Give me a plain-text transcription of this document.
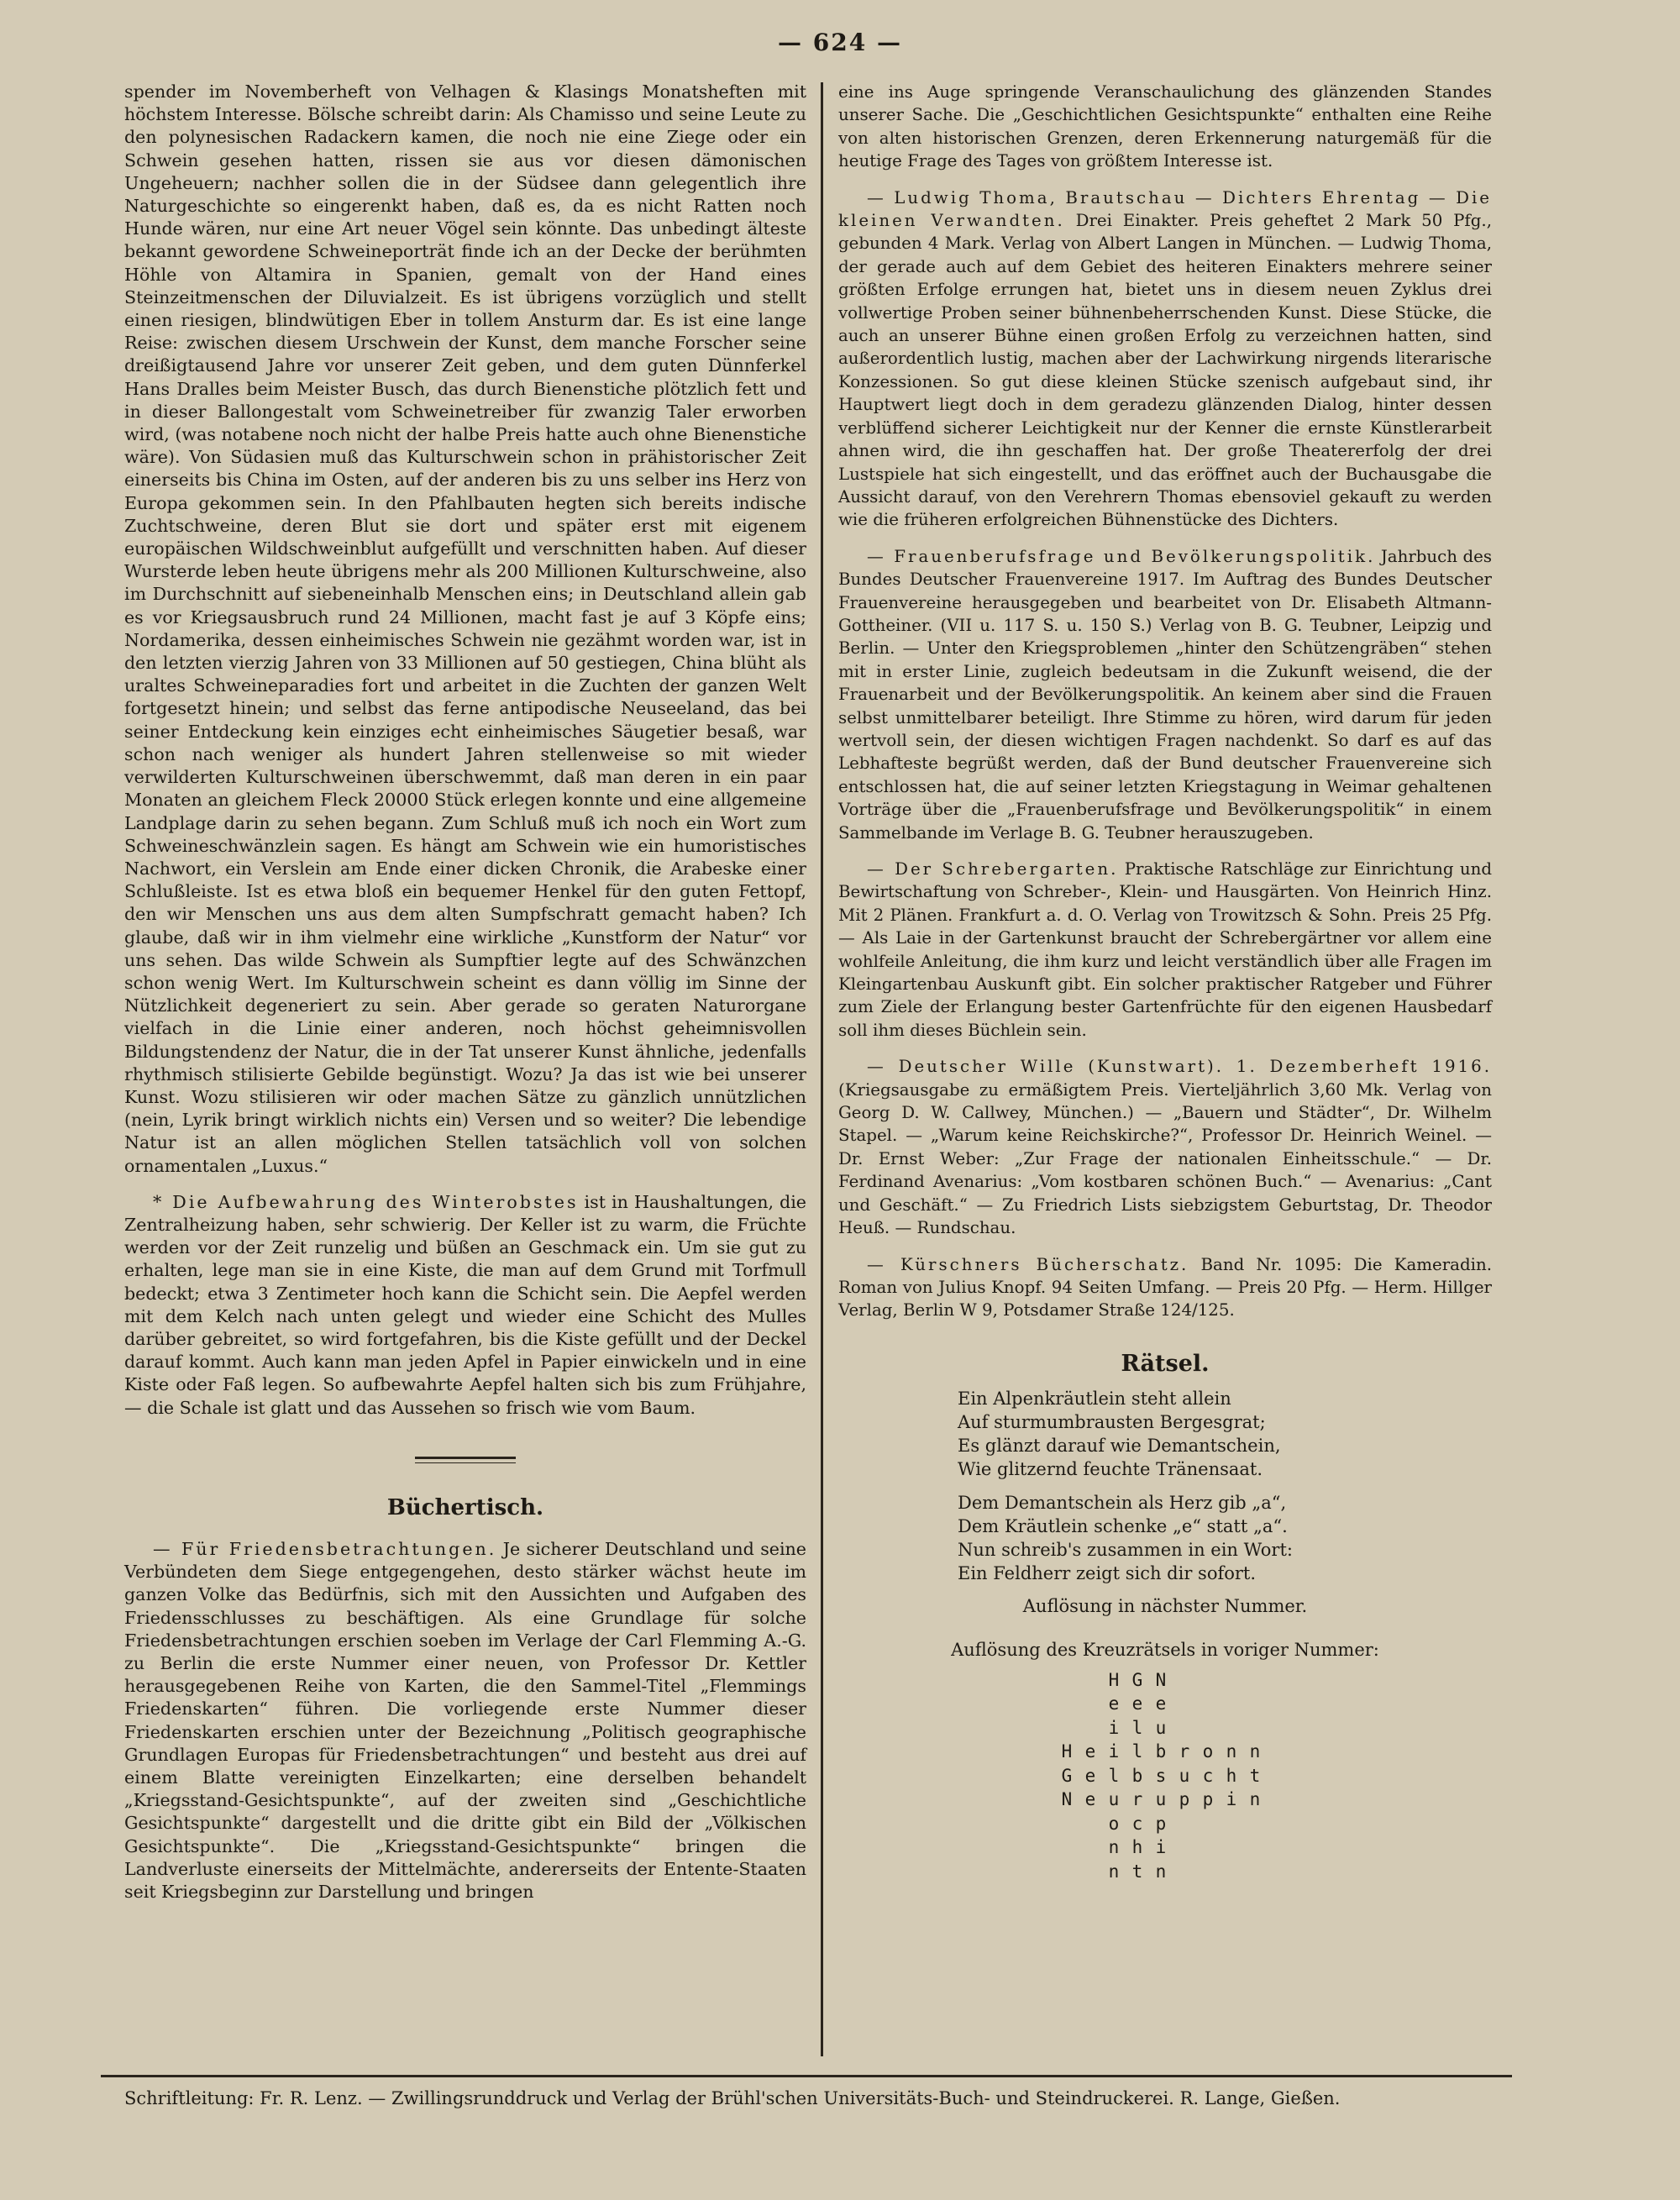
— 624 —

spender im Novemberheft von Velhagen & Klasings Monatsheften mit höchstem Interesse. Bölsche schreibt darin: Als Chamisso und seine Leute zu den polynesischen Radackern kamen, die noch nie eine Ziege oder ein Schwein gesehen hatten, rissen sie aus vor diesen dämonischen Ungeheuern; nachher sollen die in der Südsee dann gelegentlich ihre Naturgeschichte so eingerenkt haben, daß es, da es nicht Ratten noch Hunde wären, nur eine Art neuer Vögel sein könnte. Das unbedingt älteste bekannt gewordene Schweineporträt finde ich an der Decke der berühmten Höhle von Altamira in Spanien, gemalt von der Hand eines Steinzeitmenschen der Diluvialzeit. Es ist übrigens vorzüglich und stellt einen riesigen, blindwütigen Eber in tollem Ansturm dar. Es ist eine lange Reise: zwischen diesem Urschwein der Kunst, dem manche Forscher seine dreißigtausend Jahre vor unserer Zeit geben, und dem guten Dünnferkel Hans Dralles beim Meister Busch, das durch Bienenstiche plötzlich fett und in dieser Ballongestalt vom Schweinetreiber für zwanzig Taler erworben wird, (was notabene noch nicht der halbe Preis hatte auch ohne Bienenstiche wäre). Von Südasien muß das Kulturschwein schon in prähistorischer Zeit einerseits bis China im Osten, auf der anderen bis zu uns selber ins Herz von Europa gekommen sein. In den Pfahlbauten hegten sich bereits indische Zuchtschweine, deren Blut sie dort und später erst mit eigenem europäischen Wildschweinblut aufgefüllt und verschnitten haben. Auf dieser Wursterde leben heute übrigens mehr als 200 Millionen Kulturschweine, also im Durchschnitt auf siebeneinhalb Menschen eins; in Deutschland allein gab es vor Kriegsausbruch rund 24 Millionen, macht fast je auf 3 Köpfe eins; Nordamerika, dessen einheimisches Schwein nie gezähmt worden war, ist in den letzten vierzig Jahren von 33 Millionen auf 50 gestiegen, China blüht als uraltes Schweineparadies fort und arbeitet in die Zuchten der ganzen Welt fortgesetzt hinein; und selbst das ferne antipodische Neuseeland, das bei seiner Entdeckung kein einziges echt einheimisches Säugetier besaß, war schon nach weniger als hundert Jahren stellenweise so mit wieder verwilderten Kulturschweinen überschwemmt, daß man deren in ein paar Monaten an gleichem Fleck 20000 Stück erlegen konnte und eine allgemeine Landplage darin zu sehen begann. Zum Schluß muß ich noch ein Wort zum Schweineschwänzlein sagen. Es hängt am Schwein wie ein humoristisches Nachwort, ein Verslein am Ende einer dicken Chronik, die Arabeske einer Schlußleiste. Ist es etwa bloß ein bequemer Henkel für den guten Fettopf, den wir Menschen uns aus dem alten Sumpfschratt gemacht haben? Ich glaube, daß wir in ihm vielmehr eine wirkliche „Kunstform der Natur“ vor uns sehen. Das wilde Schwein als Sumpftier legte auf des Schwänzchen schon wenig Wert. Im Kulturschwein scheint es dann völlig im Sinne der Nützlichkeit degeneriert zu sein. Aber gerade so geraten Naturorgane vielfach in die Linie einer anderen, noch höchst geheimnisvollen Bildungstendenz der Natur, die in der Tat unserer Kunst ähnliche, jedenfalls rhythmisch stilisierte Gebilde begünstigt. Wozu? Ja das ist wie bei unserer Kunst. Wozu stilisieren wir oder machen Sätze zu gänzlich unnützlichen (nein, Lyrik bringt wirklich nichts ein) Versen und so weiter? Die lebendige Natur ist an allen möglichen Stellen tatsächlich voll von solchen ornamentalen „Luxus.“

* Die Aufbewahrung des Winterobstes ist in Haushaltungen, die Zentralheizung haben, sehr schwierig. Der Keller ist zu warm, die Früchte werden vor der Zeit runzelig und büßen an Geschmack ein. Um sie gut zu erhalten, lege man sie in eine Kiste, die man auf dem Grund mit Torfmull bedeckt; etwa 3 Zentimeter hoch kann die Schicht sein. Die Aepfel werden mit dem Kelch nach unten gelegt und wieder eine Schicht des Mulles darüber gebreitet, so wird fortgefahren, bis die Kiste gefüllt und der Deckel darauf kommt. Auch kann man jeden Apfel in Papier einwickeln und in eine Kiste oder Faß legen. So aufbewahrte Aepfel halten sich bis zum Frühjahre, — die Schale ist glatt und das Aussehen so frisch wie vom Baum.

Büchertisch.

— Für Friedensbetrachtungen. Je sicherer Deutschland und seine Verbündeten dem Siege entgegengehen, desto stärker wächst heute im ganzen Volke das Bedürfnis, sich mit den Aussichten und Aufgaben des Friedensschlusses zu beschäftigen. Als eine Grundlage für solche Friedensbetrachtungen erschien soeben im Verlage der Carl Flemming A.-G. zu Berlin die erste Nummer einer neuen, von Professor Dr. Kettler herausgegebenen Reihe von Karten, die den Sammel-Titel „Flemmings Friedenskarten“ führen. Die vorliegende erste Nummer dieser Friedenskarten erschien unter der Bezeichnung „Politisch geographische Grundlagen Europas für Friedensbetrachtungen“ und besteht aus drei auf einem Blatte vereinigten Einzelkarten; eine derselben behandelt „Kriegsstand-Gesichtspunkte“, auf der zweiten sind „Geschichtliche Gesichtspunkte“ dargestellt und die dritte gibt ein Bild der „Völkischen Gesichtspunkte“. Die „Kriegsstand-Gesichtspunkte“ bringen die Landverluste einerseits der Mittelmächte, andererseits der Entente-Staaten seit Kriegsbeginn zur Darstellung und bringen

eine ins Auge springende Veranschaulichung des glänzenden Standes unserer Sache. Die „Geschichtlichen Gesichtspunkte“ enthalten eine Reihe von alten historischen Grenzen, deren Erkennerung naturgemäß für die heutige Frage des Tages von größtem Interesse ist.

— Ludwig Thoma, Brautschau — Dichters Ehrentag — Die kleinen Verwandten. Drei Einakter. Preis geheftet 2 Mark 50 Pfg., gebunden 4 Mark. Verlag von Albert Langen in München. — Ludwig Thoma, der gerade auch auf dem Gebiet des heiteren Einakters mehrere seiner größten Erfolge errungen hat, bietet uns in diesem neuen Zyklus drei vollwertige Proben seiner bühnenbeherrschenden Kunst. Diese Stücke, die auch an unserer Bühne einen großen Erfolg zu verzeichnen hatten, sind außerordentlich lustig, machen aber der Lachwirkung nirgends literarische Konzessionen. So gut diese kleinen Stücke szenisch aufgebaut sind, ihr Hauptwert liegt doch in dem geradezu glänzenden Dialog, hinter dessen verblüffend sicherer Leichtigkeit nur der Kenner die ernste Künstlerarbeit ahnen wird, die ihn geschaffen hat. Der große Theatererfolg der drei Lustspiele hat sich eingestellt, und das eröffnet auch der Buchausgabe die Aussicht darauf, von den Verehrern Thomas ebensoviel gekauft zu werden wie die früheren erfolgreichen Bühnenstücke des Dichters.

— Frauenberufsfrage und Bevölkerungspolitik. Jahrbuch des Bundes Deutscher Frauenvereine 1917. Im Auftrag des Bundes Deutscher Frauenvereine herausgegeben und bearbeitet von Dr. Elisabeth Altmann-Gottheiner. (VII u. 117 S. u. 150 S.) Verlag von B. G. Teubner, Leipzig und Berlin. — Unter den Kriegsproblemen „hinter den Schützengräben“ stehen mit in erster Linie, zugleich bedeutsam in die Zukunft weisend, die der Frauenarbeit und der Bevölkerungspolitik. An keinem aber sind die Frauen selbst unmittelbarer beteiligt. Ihre Stimme zu hören, wird darum für jeden wertvoll sein, der diesen wichtigen Fragen nachdenkt. So darf es auf das Lebhafteste begrüßt werden, daß der Bund deutscher Frauenvereine sich entschlossen hat, die auf seiner letzten Kriegstagung in Weimar gehaltenen Vorträge über die „Frauenberufsfrage und Bevölkerungspolitik“ in einem Sammelbande im Verlage B. G. Teubner herauszugeben.

— Der Schrebergarten. Praktische Ratschläge zur Einrichtung und Bewirtschaftung von Schreber-, Klein- und Hausgärten. Von Heinrich Hinz. Mit 2 Plänen. Frankfurt a. d. O. Verlag von Trowitzsch & Sohn. Preis 25 Pfg. — Als Laie in der Gartenkunst braucht der Schrebergärtner vor allem eine wohlfeile Anleitung, die ihm kurz und leicht verständlich über alle Fragen im Kleingartenbau Auskunft gibt. Ein solcher praktischer Ratgeber und Führer zum Ziele der Erlangung bester Gartenfrüchte für den eigenen Hausbedarf soll ihm dieses Büchlein sein.

— Deutscher Wille (Kunstwart). 1. Dezemberheft 1916. (Kriegsausgabe zu ermäßigtem Preis. Vierteljährlich 3,60 Mk. Verlag von Georg D. W. Callwey, München.) — „Bauern und Städter“, Dr. Wilhelm Stapel. — „Warum keine Reichskirche?“, Professor Dr. Heinrich Weinel. — Dr. Ernst Weber: „Zur Frage der nationalen Einheitsschule.“ — Dr. Ferdinand Avenarius: „Vom kostbaren schönen Buch.“ — Avenarius: „Cant und Geschäft.“ — Zu Friedrich Lists siebzigstem Geburtstag, Dr. Theodor Heuß. — Rundschau.

— Kürschners Bücherschatz. Band Nr. 1095: Die Kameradin. Roman von Julius Knopf. 94 Seiten Umfang. — Preis 20 Pfg. — Herm. Hillger Verlag, Berlin W 9, Potsdamer Straße 124/125.

Rätsel.

Ein Alpenkräutlein steht allein

Auf sturmumbrausten Bergesgrat;

Es glänzt darauf wie Demantschein,

Wie glitzernd feuchte Tränensaat.

Dem Demantschein als Herz gib „a“,

Dem Kräutlein schenke „e“ statt „a“.

Nun schreib's zusammen in ein Wort:

Ein Feldherr zeigt sich dir sofort.

Auflösung in nächster Nummer.
Auflösung des Kreuzrätsels in voriger Nummer:
H G N
e e e
i l u
H e i l b r o n n
G e l b s u c h t
N e u r u p p i n
o c p
n h i
n t n
Schriftleitung: Fr. R. Lenz. — Zwillingsrunddruck und Verlag der Brühl'schen Universitäts-Buch- und Steindruckerei. R. Lange, Gießen.
